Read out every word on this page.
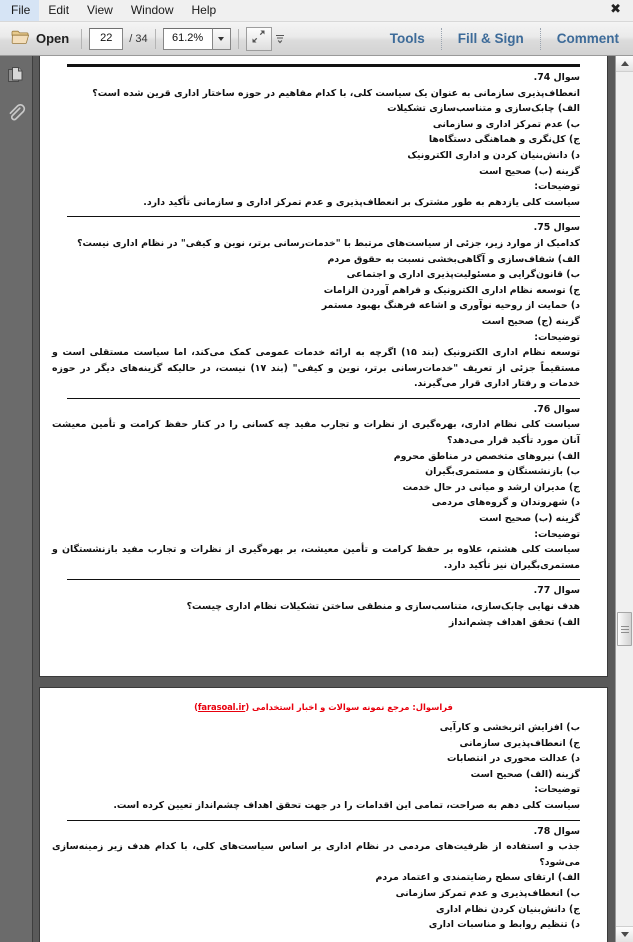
File	Edit	View	Window	Help	✖
Open	22	/ 34	61.2%	Tools Fill & Sign Comment
سوال 74.
انعطاف‌پذیری سازمانی به عنوان یک سیاست کلی، با کدام مفاهیم در حوزه ساختار اداری قرین شده است؟
الف) چابک‌سازی و متناسب‌سازی تشکیلات
ب) عدم تمرکز اداری و سازمانی
ج) کل‌نگری و هماهنگی دستگاه‌ها
د) دانش‌بنیان کردن و اداری الکترونیک
گزینه (ب) صحیح است
توضیحات:
سیاست کلی یازدهم به طور مشترک بر انعطاف‌پذیری و عدم تمرکز اداری و سازمانی تأکید دارد.
سوال 75.
کدامیک از موارد زیر، جزئی از سیاست‌های مرتبط با "خدمات‌رسانی برتر، نوین و کیفی" در نظام اداری نیست؟
الف) شفاف‌سازی و آگاهی‌بخشی نسبت به حقوق مردم
ب) قانون‌گرایی و مسئولیت‌پذیری اداری و اجتماعی
ج) توسعه نظام اداری الکترونیک و فراهم آوردن الزامات
د) حمایت از روحیه نوآوری و اشاعه فرهنگ بهبود مستمر
گزینه (ج) صحیح است
توضیحات:
توسعه نظام اداری الکترونیک (بند ۱۵) اگرچه به ارائه خدمات عمومی کمک می‌کند، اما سیاست مستقلی است و مستقیماً جزئی از تعریف "خدمات‌رسانی برتر، نوین و کیفی" (بند ۱۷) نیست، در حالیکه گزینه‌های دیگر در حوزه خدمات و رفتار اداری قرار می‌گیرند.
سوال 76.
سیاست کلی نظام اداری، بهره‌گیری از نظرات و تجارب مفید چه کسانی را در کنار حفظ کرامت و تأمین معیشت آنان مورد تأکید قرار می‌دهد؟
الف) نیروهای متخصص در مناطق محروم
ب) بازنشستگان و مستمری‌بگیران
ج) مدیران ارشد و میانی در حال خدمت
د) شهروندان و گروه‌های مردمی
گزینه (ب) صحیح است
توضیحات:
سیاست کلی هشتم، علاوه بر حفظ کرامت و تأمین معیشت، بر بهره‌گیری از نظرات و تجارب مفید بازنشستگان و مستمری‌بگیران نیز تأکید دارد.
سوال 77.
هدف نهایی چابک‌سازی، متناسب‌سازی و منطقی ساختن تشکیلات نظام اداری چیست؟
الف) تحقق اهداف چشم‌انداز
فراسوال: مرجع نمونه سوالات و اخبار استخدامی (farasoal.ir)
ب) افزایش اثربخشی و کارآیی
ج) انعطاف‌پذیری سازمانی
د) عدالت محوری در انتصابات
گزینه (الف) صحیح است
توضیحات:
سیاست کلی دهم به صراحت، تمامی این اقدامات را در جهت تحقق اهداف چشم‌انداز تعیین کرده است.
سوال 78.
جذب و استفاده از ظرفیت‌های مردمی در نظام اداری بر اساس سیاست‌های کلی، با کدام هدف زیر زمینه‌سازی می‌شود؟
الف) ارتقای سطح رضایتمندی و اعتماد مردم
ب) انعطاف‌پذیری و عدم تمرکز سازمانی
ج) دانش‌بنیان کردن نظام اداری
د) تنظیم روابط و مناسبات اداری
